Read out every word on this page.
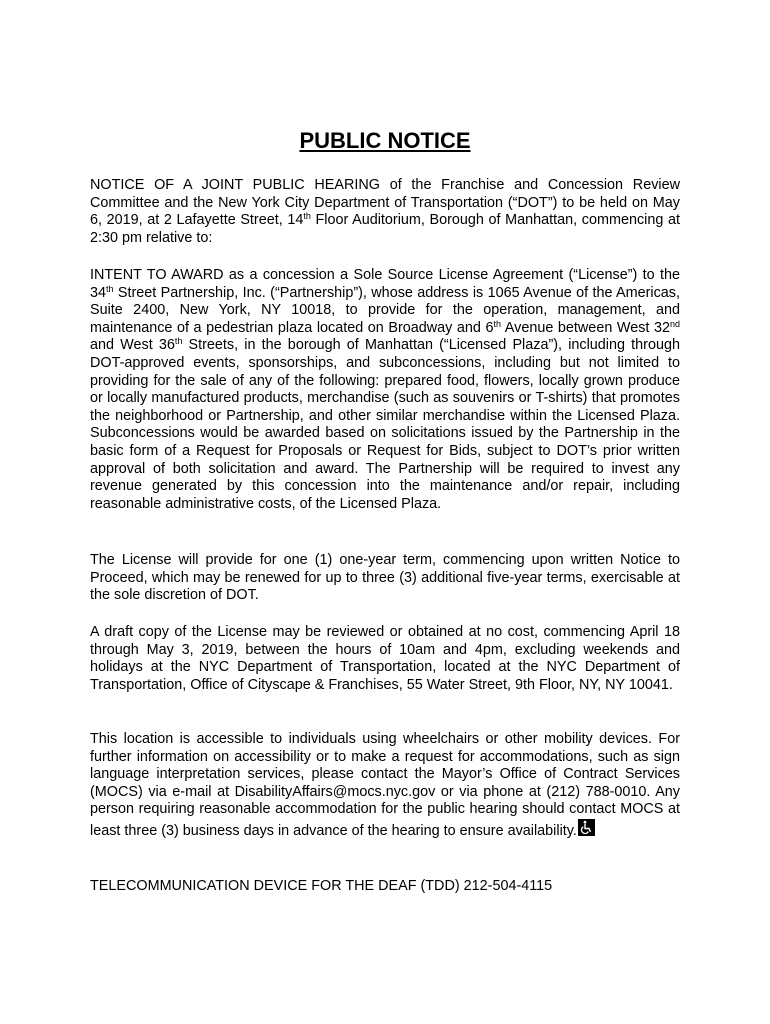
PUBLIC NOTICE

NOTICE OF A JOINT PUBLIC HEARING of the Franchise and Concession Review Committee and the New York City Department of Transportation (“DOT”) to be held on May 6, 2019, at 2 Lafayette Street, 14th Floor Auditorium, Borough of Manhattan, commencing at 2:30 pm relative to:

INTENT TO AWARD as a concession a Sole Source License Agreement (“License”) to the 34th Street Partnership, Inc. (“Partnership”), whose address is 1065 Avenue of the Americas, Suite 2400, New York, NY 10018, to provide for the operation, management, and maintenance of a pedestrian plaza located on Broadway and 6th Avenue between West 32nd and West 36th Streets, in the borough of Manhattan (“Licensed Plaza”), including through DOT-approved events, sponsorships, and subconcessions, including but not limited to providing for the sale of any of the following: prepared food, flowers, locally grown produce or locally manufactured products, merchandise (such as souvenirs or T-shirts) that promotes the neighborhood or Partnership, and other similar merchandise within the Licensed Plaza. Subconcessions would be awarded based on solicitations issued by the Partnership in the basic form of a Request for Proposals or Request for Bids, subject to DOT’s prior written approval of both solicitation and award. The Partnership will be required to invest any revenue generated by this concession into the maintenance and/or repair, including reasonable administrative costs, of the Licensed Plaza.

The License will provide for one (1) one-year term, commencing upon written Notice to Proceed, which may be renewed for up to three (3) additional five-year terms, exercisable at the sole discretion of DOT.

A draft copy of the License may be reviewed or obtained at no cost, commencing April 18 through May 3, 2019, between the hours of 10am and 4pm, excluding weekends and holidays at the NYC Department of Transportation, located at the NYC Department of Transportation, Office of Cityscape & Franchises, 55 Water Street, 9th Floor, NY, NY 10041.

This location is accessible to individuals using wheelchairs or other mobility devices. For further information on accessibility or to make a request for accommodations, such as sign language interpretation services, please contact the Mayor’s Office of Contract Services (MOCS) via e-mail at DisabilityAffairs@mocs.nyc.gov or via phone at (212) 788-0010. Any person requiring reasonable accommodation for the public hearing should contact MOCS at least three (3) business days in advance of the hearing to ensure availability.

TELECOMMUNICATION DEVICE FOR THE DEAF (TDD) 212-504-4115
